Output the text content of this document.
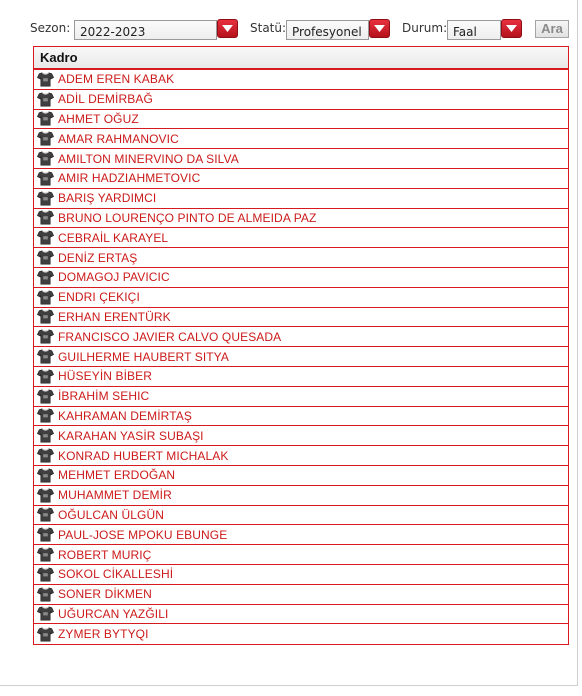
Sezon: 2022-2023	Statü: Profesyonel	Durum: Faal	Ara
Kadro
ADEM EREN KABAK
ADİL DEMİRBAĞ
AHMET OĞUZ
AMAR RAHMANOVIC
AMILTON MINERVINO DA SILVA
AMIR HADZIAHMETOVIC
BARIŞ YARDIMCI
BRUNO LOURENÇO PINTO DE ALMEIDA PAZ
CEBRAİL KARAYEL
DENİZ ERTAŞ
DOMAGOJ PAVICIC
ENDRI ÇEKIÇI
ERHAN ERENTÜRK
FRANCISCO JAVIER CALVO QUESADA
GUILHERME HAUBERT SITYA
HÜSEYİN BİBER
İBRAHİM SEHIC
KAHRAMAN DEMİRTAŞ
KARAHAN YASİR SUBAŞI
KONRAD HUBERT MICHALAK
MEHMET ERDOĞAN
MUHAMMET DEMİR
OĞULCAN ÜLGÜN
PAUL-JOSE MPOKU EBUNGE
ROBERT MURIÇ
SOKOL CİKALLESHİ
SONER DİKMEN
UĞURCAN YAZĞILI
ZYMER BYTYQI
